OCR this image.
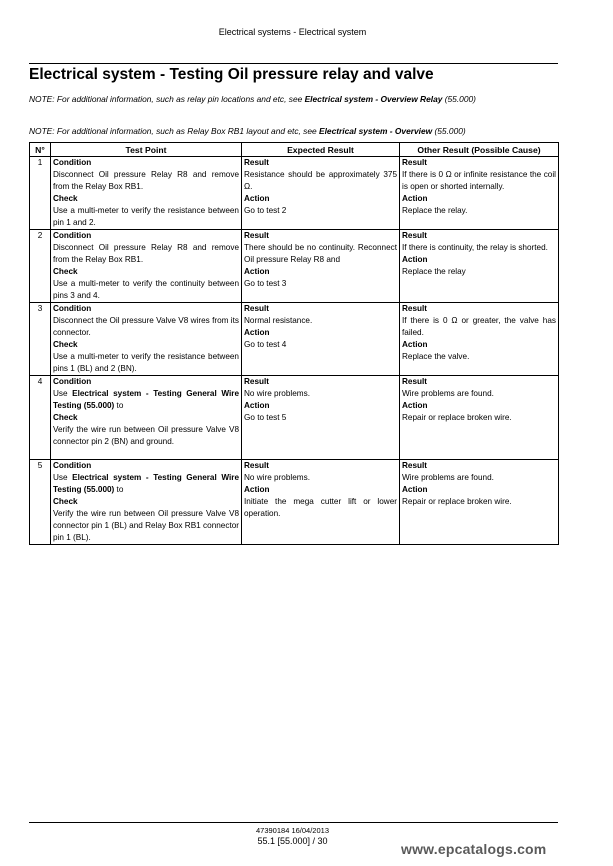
Electrical systems - Electrical system
Electrical system - Testing Oil pressure relay and valve
NOTE: For additional information, such as relay pin locations and etc, see Electrical system - Overview Relay (55.000)
NOTE: For additional information, such as Relay Box RB1 layout and etc, see Electrical system - Overview (55.000)
N°	Test Point	Expected Result	Other Result (Possible Cause)
1	Condition
Disconnect Oil pressure Relay R8 and remove from the Relay Box RB1.
Check
Use a multi-meter to verify the resistance between pin 1 and 2.	Result
Resistance should be approximately 375 Ω.
Action
Go to test 2	Result
If there is 0 Ω or infinite resistance the coil is open or shorted internally.
Action
Replace the relay.

2	Condition
Disconnect Oil pressure Relay R8 and remove from the Relay Box RB1.
Check
Use a multi-meter to verify the continuity between pins 3 and 4.	Result
There should be no continuity. Reconnect Oil pressure Relay R8 and
Action
Go to test 3	Result
If there is continuity, the relay is shorted.
Action
Replace the relay

3	Condition
Disconnect the Oil pressure Valve V8 wires from its connector.
Check
Use a multi-meter to verify the resistance between pins 1 (BL) and 2 (BN).	Result
Normal resistance.
Action
Go to test 4	Result
If there is 0 Ω or greater, the valve has failed.
Action
Replace the valve.

4	Condition
Use Electrical system - Testing General Wire Testing (55.000) to
Check
Verify the wire run between Oil pressure Valve V8 connector pin 2 (BN) and ground.	Result
No wire problems.
Action
Go to test 5	Result
Wire problems are found.
Action
Repair or replace broken wire.

5	Condition
Use Electrical system - Testing General Wire Testing (55.000) to
Check
Verify the wire run between Oil pressure Valve V8 connector pin 1 (BL) and Relay Box RB1 connector pin 1 (BL).	Result
No wire problems.
Action
Initiate the mega cutter lift or lower operation.	Result
Wire problems are found.
Action
Repair or replace broken wire.
47390184 16/04/2013
55.1 [55.000] / 30	www.epcatalogs.com
